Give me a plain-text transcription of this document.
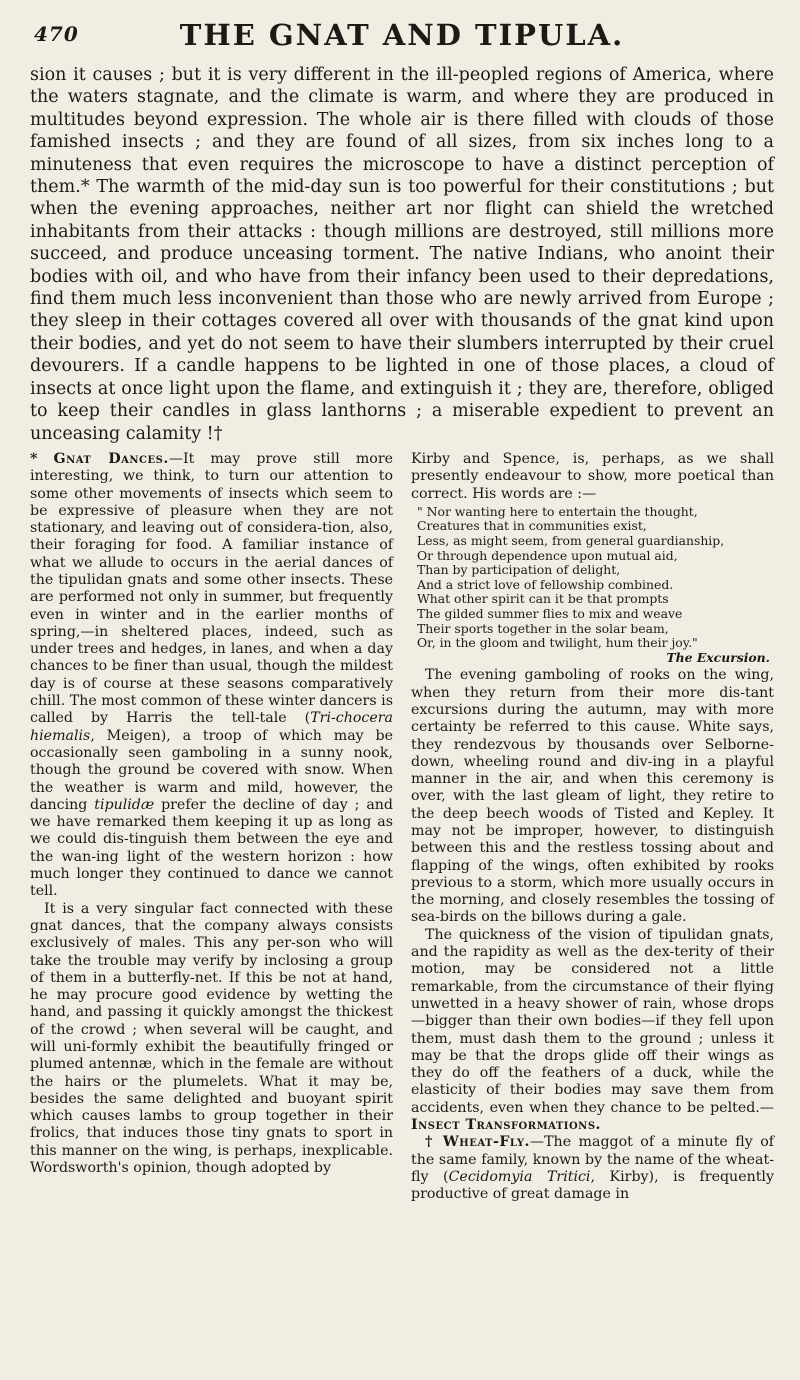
470	THE GNAT AND TIPULA.

sion it causes ; but it is very different in the ill-peopled regions of America, where the waters stagnate, and the climate is warm, and where they are produced in multitudes beyond expression. The whole air is there filled with clouds of those famished insects ; and they are found of all sizes, from six inches long to a minuteness that even requires the microscope to have a distinct perception of them.* The warmth of the mid-day sun is too powerful for their constitutions ; but when the evening approaches, neither art nor flight can shield the wretched inhabitants from their attacks : though millions are destroyed, still millions more succeed, and produce unceasing torment. The native Indians, who anoint their bodies with oil, and who have from their infancy been used to their depredations, find them much less inconvenient than those who are newly arrived from Europe ; they sleep in their cottages covered all over with thousands of the gnat kind upon their bodies, and yet do not seem to have their slumbers interrupted by their cruel devourers. If a candle happens to be lighted in one of those places, a cloud of insects at once light upon the flame, and extinguish it ; they are, therefore, obliged to keep their candles in glass lanthorns ; a miserable expedient to prevent an unceasing calamity !†

* Gnat Dances.—It may prove still more interesting, we think, to turn our attention to some other movements of insects which seem to be expressive of pleasure when they are not stationary, and leaving out of considera-tion, also, their foraging for food. A familiar instance of what we allude to occurs in the aerial dances of the tipulidan gnats and some other insects. These are performed not only in summer, but frequently even in winter and in the earlier months of spring,—in sheltered places, indeed, such as under trees and hedges, in lanes, and when a day chances to be finer than usual, though the mildest day is of course at these seasons comparatively chill. The most common of these winter dancers is called by Harris the tell-tale (Tri-chocera hiemalis, Meigen), a troop of which may be occasionally seen gamboling in a sunny nook, though the ground be covered with snow. When the weather is warm and mild, however, the dancing tipulidæ prefer the decline of day ; and we have remarked them keeping it up as long as we could dis-tinguish them between the eye and the wan-ing light of the western horizon : how much longer they continued to dance we cannot tell.

It is a very singular fact connected with these gnat dances, that the company always consists exclusively of males. This any per-son who will take the trouble may verify by inclosing a group of them in a butterfly-net. If this be not at hand, he may procure good evidence by wetting the hand, and passing it quickly amongst the thickest of the crowd ; when several will be caught, and will uni-formly exhibit the beautifully fringed or plumed antennæ, which in the female are without the hairs or the plumelets. What it may be, besides the same delighted and buoyant spirit which causes lambs to group together in their frolics, that induces those tiny gnats to sport in this manner on the wing, is perhaps, inexplicable. Wordsworth's opinion, though adopted by

Kirby and Spence, is, perhaps, as we shall presently endeavour to show, more poetical than correct. His words are :—

" Nor wanting here to entertain the thought,
Creatures that in communities exist,
Less, as might seem, from general guardianship,
Or through dependence upon mutual aid,
Than by participation of delight,
And a strict love of fellowship combined.
What other spirit can it be that prompts
The gilded summer flies to mix and weave
Their sports together in the solar beam,
Or, in the gloom and twilight, hum their joy."
The Excursion.

The evening gamboling of rooks on the wing, when they return from their more dis-tant excursions during the autumn, may with more certainty be referred to this cause. White says, they rendezvous by thousands over Selborne-down, wheeling round and div-ing in a playful manner in the air, and when this ceremony is over, with the last gleam of light, they retire to the deep beech woods of Tisted and Kepley. It may not be improper, however, to distinguish between this and the restless tossing about and flapping of the wings, often exhibited by rooks previous to a storm, which more usually occurs in the morning, and closely resembles the tossing of sea-birds on the billows during a gale.

The quickness of the vision of tipulidan gnats, and the rapidity as well as the dex-terity of their motion, may be considered not a little remarkable, from the circumstance of their flying unwetted in a heavy shower of rain, whose drops—bigger than their own bodies—if they fell upon them, must dash them to the ground ; unless it may be that the drops glide off their wings as they do off the feathers of a duck, while the elasticity of their bodies may save them from accidents, even when they chance to be pelted.—Insect Transformations.

† Wheat-Fly.—The maggot of a minute fly of the same family, known by the name of the wheat-fly (Cecidomyia Tritici, Kirby), is frequently productive of great damage in
